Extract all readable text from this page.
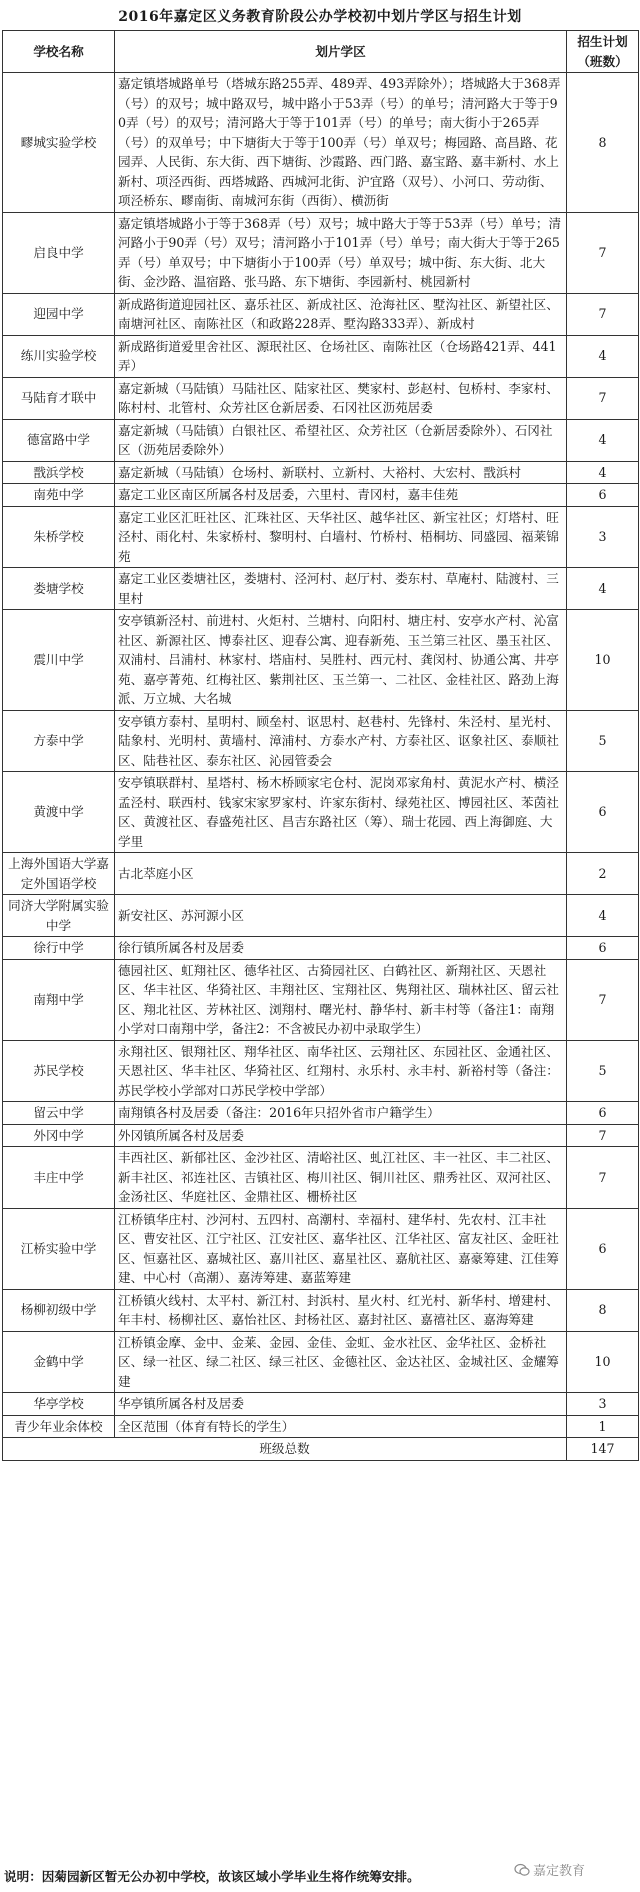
2016年嘉定区义务教育阶段公办学校初中划片学区与招生计划
学校名称	划片学区	招生计划（班数）
疁城实验学校	嘉定镇塔城路单号（塔城东路255弄、489弄、493弄除外）；塔城路大于368弄（号）的双号；城中路双号，城中路小于53弄（号）的单号；清河路大于等于90弄（号）的双号；清河路大于等于101弄（号）的单号；南大街小于265弄（号）的双单号；中下塘街大于等于100弄（号）单双号；梅园路、高昌路、花园弄、人民街、东大街、西下塘街、沙霞路、西门路、嘉宝路、嘉丰新村、水上新村、项泾西街、西塔城路、西城河北街、沪宜路（双号）、小河口、劳动街、项泾桥东、疁南街、南城河东街（西街）、横沥街	8
启良中学	嘉定镇塔城路小于等于368弄（号）双号；城中路大于等于53弄（号）单号；清河路小于90弄（号）双号；清河路小于101弄（号）单号；南大街大于等于265弄（号）单双号；中下塘街小于100弄（号）单双号；城中街、东大街、北大街、金沙路、温宿路、张马路、东下塘街、李园新村、桃园新村	7
迎园中学	新成路街道迎园社区、嘉乐社区、新成社区、沧海社区、墅沟社区、新望社区、南塘河社区、南陈社区（和政路228弄、墅沟路333弄）、新成村	7
练川实验学校	新成路街道爱里舍社区、源珉社区、仓场社区、南陈社区（仓场路421弄、441弄）	4
马陆育才联中	嘉定新城（马陆镇）马陆社区、陆家社区、樊家村、彭赵村、包桥村、李家村、陈村村、北管村、众芳社区仓新居委、石冈社区沥苑居委	7
德富路中学	嘉定新城（马陆镇）白银社区、希望社区、众芳社区（仓新居委除外）、石冈社区（沥苑居委除外）	4
戬浜学校	嘉定新城（马陆镇）仓场村、新联村、立新村、大裕村、大宏村、戬浜村	4
南苑中学	嘉定工业区南区所属各村及居委，六里村、青冈村，嘉丰佳苑	6
朱桥学校	嘉定工业区汇旺社区、汇珠社区、天华社区、越华社区、新宝社区；灯塔村、旺泾村、雨化村、朱家桥村、黎明村、白墙村、竹桥村、梧桐坊、同盛园、福莱锦苑	3
娄塘学校	嘉定工业区娄塘社区，娄塘村、泾河村、赵厅村、娄东村、草庵村、陆渡村、三里村	4
震川中学	安亭镇新泾村、前进村、火炬村、兰塘村、向阳村、塘庄村、安亭水产村、沁富社区、新源社区、博泰社区、迎春公寓、迎春新苑、玉兰第三社区、墨玉社区、双浦村、吕浦村、林家村、塔庙村、吴胜村、西元村、龚闵村、协通公寓、井亭苑、嘉亭菁苑、红梅社区、紫荆社区、玉兰第一、二社区、金桂社区、路劲上海派、万立城、大名城	10
方泰中学	安亭镇方泰村、星明村、顾垒村、讴思村、赵巷村、先锋村、朱泾村、星光村、陆象村、光明村、黄墙村、漳浦村、方泰水产村、方泰社区、讴象社区、泰顺社区、陆巷社区、泰东社区、沁园管委会	5
黄渡中学	安亭镇联群村、星塔村、杨木桥顾家宅仓村、泥岗邓家角村、黄泥水产村、横泾孟泾村、联西村、钱家宋家罗家村、许家东街村、绿苑社区、博园社区、苯茵社区、黄渡社区、春盛苑社区、昌吉东路社区（筹）、瑞士花园、西上海御庭、大学里	6
上海外国语大学嘉定外国语学校	古北萃庭小区	2
同济大学附属实验中学	新安社区、苏河源小区	4
徐行中学	徐行镇所属各村及居委	6
南翔中学	德园社区、虹翔社区、德华社区、古猗园社区、白鹤社区、新翔社区、天恩社区、华丰社区、华猗社区、丰翔社区、宝翔社区、隽翔社区、瑞林社区、留云社区、翔北社区、芳林社区、浏翔村、曙光村、静华村、新丰村等（备注1：南翔小学对口南翔中学，备注2：不含被民办初中录取学生）	7
苏民学校	永翔社区、银翔社区、翔华社区、南华社区、云翔社区、东园社区、金通社区、天恩社区、华丰社区、华猗社区、红翔村、永乐村、永丰村、新裕村等（备注：苏民学校小学部对口苏民学校中学部）	5
留云中学	南翔镇各村及居委（备注：2016年只招外省市户籍学生）	6
外冈中学	外冈镇所属各村及居委	7
丰庄中学	丰西社区、新郁社区、金沙社区、清峪社区、虬江社区、丰一社区、丰二社区、新丰社区、祁连社区、吉镇社区、梅川社区、铜川社区、鼎秀社区、双河社区、金汤社区、华庭社区、金鼎社区、栅桥社区	7
江桥实验中学	江桥镇华庄村、沙河村、五四村、高潮村、幸福村、建华村、先农村、江丰社区、曹安社区、江宁社区、江安社区、嘉华社区、江华社区、富友社区、金旺社区、恒嘉社区、嘉城社区、嘉川社区、嘉星社区、嘉航社区、嘉豪筹建、江佳筹建、中心村（高潮）、嘉涛筹建、嘉蓝筹建	6
杨柳初级中学	江桥镇火线村、太平村、新江村、封浜村、星火村、红光村、新华村、增建村、年丰村、杨柳社区、嘉怡社区、封杨社区、嘉封社区、嘉禧社区、嘉海筹建	8
金鹤中学	江桥镇金摩、金中、金莱、金园、金佳、金虹、金水社区、金华社区、金桥社区、绿一社区、绿二社区、绿三社区、金德社区、金达社区、金城社区、金耀筹建	10
华亭学校	华亭镇所属各村及居委	3
青少年业余体校	全区范围（体育有特长的学生）	1
班级总数		147
说明：因菊园新区暂无公办初中学校，故该区域小学毕业生将作统筹安排。	嘉定教育
